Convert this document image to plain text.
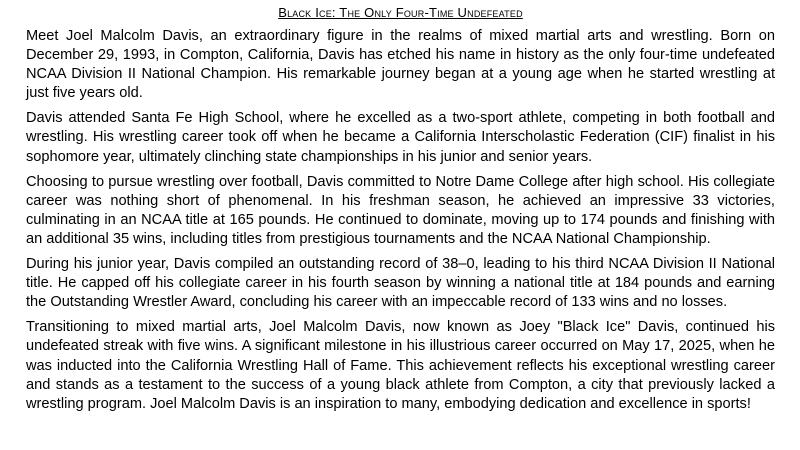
Black Ice: The Only Four-Time Undefeated

Meet Joel Malcolm Davis, an extraordinary figure in the realms of mixed martial arts and wrestling. Born on December 29, 1993, in Compton, California, Davis has etched his name in history as the only four-time undefeated NCAA Division II National Champion. His remarkable journey began at a young age when he started wrestling at just five years old.

Davis attended Santa Fe High School, where he excelled as a two-sport athlete, competing in both football and wrestling. His wrestling career took off when he became a California Interscholastic Federation (CIF) finalist in his sophomore year, ultimately clinching state championships in his junior and senior years.

Choosing to pursue wrestling over football, Davis committed to Notre Dame College after high school. His collegiate career was nothing short of phenomenal. In his freshman season, he achieved an impressive 33 victories, culminating in an NCAA title at 165 pounds. He continued to dominate, moving up to 174 pounds and finishing with an additional 35 wins, including titles from prestigious tournaments and the NCAA National Championship.

During his junior year, Davis compiled an outstanding record of 38–0, leading to his third NCAA Division II National title. He capped off his collegiate career in his fourth season by winning a national title at 184 pounds and earning the Outstanding Wrestler Award, concluding his career with an impeccable record of 133 wins and no losses.

Transitioning to mixed martial arts, Joel Malcolm Davis, now known as Joey "Black Ice" Davis, continued his undefeated streak with five wins. A significant milestone in his illustrious career occurred on May 17, 2025, when he was inducted into the California Wrestling Hall of Fame. This achievement reflects his exceptional wrestling career and stands as a testament to the success of a young black athlete from Compton, a city that previously lacked a wrestling program. Joel Malcolm Davis is an inspiration to many, embodying dedication and excellence in sports!
